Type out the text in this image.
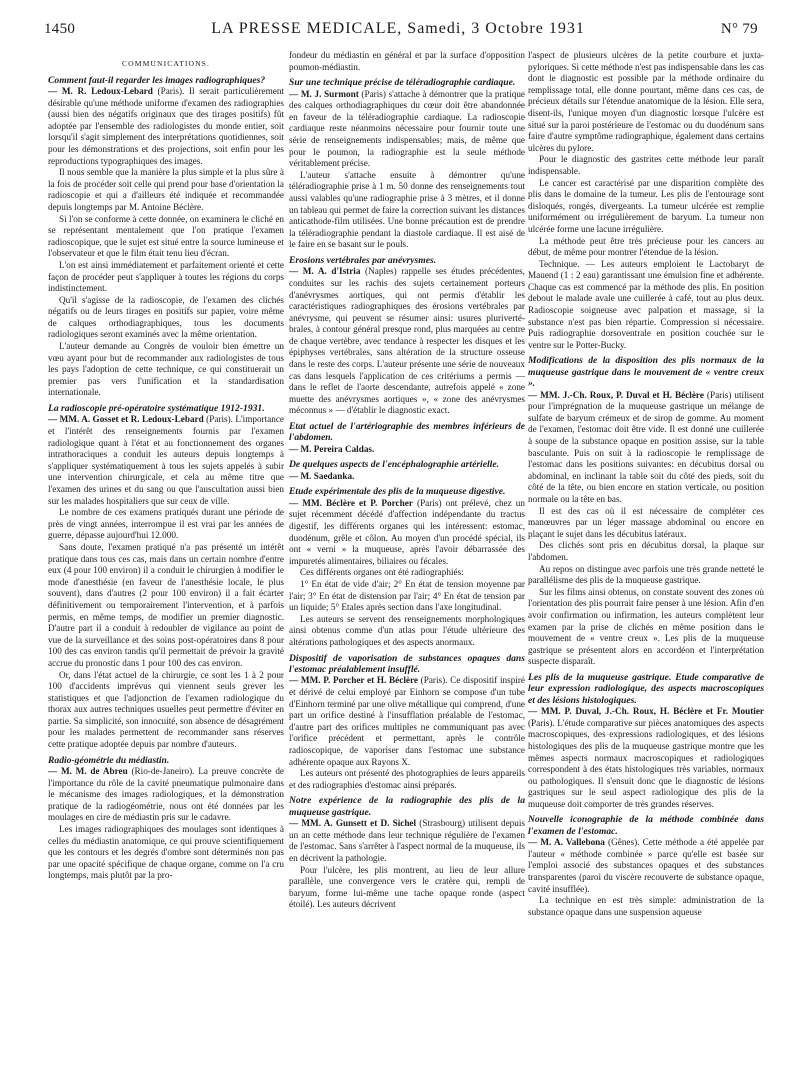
1450	LA PRESSE MEDICALE, Samedi, 3 Octobre 1931	N° 79
COMMUNICATIONS.
Comment faut-il regarder les images radiographiques?

— M. R. Ledoux-Lebard (Paris). Il serait particulièrement désirable qu'une méthode uniforme d'examen des radiographies (aussi bien des négatifs originaux que des tirages positifs) fût adoptée par l'ensemble des radiologistes du monde entier, soit lorsqu'il s'agit simplement des interprétations quotidiennes, soit pour les démonstrations et des projections, soit enfin pour les reproductions typographiques des images.

Il nous semble que la manière la plus simple et la plus sûre à la fois de procéder soit celle qui prend pour base d'orientation la radioscopie et qui a d'ailleurs été indiquée et recommandée depuis longtemps par M. Antoine Béclère.

Si l'on se conforme à cette donnée, on examinera le cliché en se représentant mentalement que l'on pratique l'examen radioscopique, que le sujet est situé entre la source lumineuse et l'observateur et que le film était tenu lieu d'écran.

L'on est ainsi immédiatement et parfaitement orienté et cette façon de procéder peut s'appliquer à toutes les régions du corps indistinctement.

Qu'il s'agisse de la radioscopie, de l'examen des clichés négatifs ou de leurs tirages en positifs sur papier, voire même de calques orthodiagraphiques, tous les documents radiologiques seront examinés avec la même orientation.

L'auteur demande au Congrès de vouloir bien émettre un vœu ayant pour but de recommander aux radiologistes de tous les pays l'adoption de cette technique, ce qui constituerait un premier pas vers l'unification et la standardisation internationale.

La radioscopie pré-opératoire systématique 1912-1931.

— MM. A. Gosset et R. Ledoux-Lebard (Paris). L'importance et l'intérêt des renseignements fournis par l'examen radiologique quant à l'état et au fonctionnement des organes intrathoraciques a conduit les auteurs depuis longtemps à s'appliquer systématiquement à tous les sujets appelés à subir une intervention chirurgicale, et cela au même titre que l'examen des urines et du sang ou que l'auscultation aussi bien sur les malades hospitaliers que sur ceux de ville.

Le nombre de ces examens pratiqués durant une période de près de vingt années, interrompue il est vrai par les années de guerre, dépasse aujourd'hui 12.000.

Sans doute, l'examen pratiqué n'a pas présenté un intérêt pratique dans tous ces cas, mais dans un certain nombre d'entre eux (4 pour 100 environ) il a conduit le chirurgien à modifier le mode d'anesthésie (en faveur de l'anesthésie locale, le plus souvent), dans d'autres (2 pour 100 environ) il a fait écarter définitivement ou temporairement l'intervention, et à parfois permis, en même temps, de modifier un premier diagnostic. D'autre part il a conduit à redoubler de vigilance au point de vue de la surveillance et des soins post-opératoires dans 8 pour 100 des cas environ tandis qu'il permettait de prévoir la gravité accrue du pronostic dans 1 pour 100 des cas environ.

Or, dans l'état actuel de la chirurgie, ce sont les 1 à 2 pour 100 d'accidents imprévus qui viennent seuls grever les statistiques et que l'adjonction de l'examen radiologique du thorax aux autres techniques usuelles peut permettre d'éviter en partie. Sa simplicité, son innocuité, son absence de désagrément pour les malades permettent de recommander sans réserves cette pratique adoptée depuis par nombre d'auteurs.

Radio-géométrie du médiastin.

— M. M. de Abreu (Rio-de-Janeiro). La preuve concrète de l'importance du rôle de la cavité pneumatique pulmonaire dans le mécanisme des images radiologiques, et la démonstration pratique de la radiogéométrie, nous ont été données par les moulages en cire de médiastin pris sur le cadavre.

Les images radiographiques des moulages sont identiques à celles du médiastin anatomique, ce qui prouve scientifiquement que les contours et les degrés d'ombre sont déterminés non pas par une opacité spécifique de chaque organe, comme on l'a cru longtemps, mais plutôt par la pro-

fondeur du médiastin en général et par la surface d'opposition poumon-médiastin.

Sur une technique précise de téléradiographie cardiaque.

— M. J. Surmont (Paris) s'attache à démontrer que la pratique des calques orthodiagraphiques du cœur doit être abandonnée en faveur de la téléradiographie cardiaque. La radioscopie cardiaque reste néanmoins nécessaire pour fournir toute une série de renseignements indispensables; mais, de même que pour le poumon, la radiographie est la seule méthode véritablement précise.

L'auteur s'attache ensuite à démontrer qu'une téléradiographie prise à 1 m. 50 donne des renseignements tout aussi valables qu'une radiographie prise à 3 mètres, et il donne un tableau qui permet de faire la correction suivant les distances anticathode-film utilisées. Une bonne précaution est de prendre la téléradiographie pendant la diastole cardiaque. Il est aisé de le faire en se basant sur le pouls.

Erosions vertébrales par anévrysmes.

— M. A. d'Istria (Naples) rappelle ses études précédentes, conduites sur les rachis des sujets certainement porteurs d'anévrysmes aortiques, qui ont permis d'établir les caractéristiques radiographiques des érosions vertébrales par anévrysme, qui peuvent se résumer ainsi: usures plurivertébrales, à contour général presque rond, plus marquées au centre de chaque vertèbre, avec tendance à respecter les disques et les épiphyses vertébrales, sans altération de la structure osseuse dans le reste des corps. L'auteur présente une série de nouveaux cas dans lesquels l'application de ces critériums a permis — dans le reflet de l'aorte descendante, autrefois appelé « zone muette des anévrysmes aortiques », « zone des anévrysmes méconnus » — d'établir le diagnostic exact.

Etat actuel de l'artériographie des membres inférieurs de l'abdomen.

— M. Pereira Caldas.

De quelques aspects de l'encéphalographie artérielle.

— M. Saedanka.

Etude expérimentale des plis de la muqueuse digestive.

— MM. Béclère et P. Porcher (Paris) ont prélevé, chez un sujet récemment décédé d'affection indépendante du tractus digestif, les différents organes qui les intéressent: estomac, duodénum, grêle et côlon. Au moyen d'un procédé spécial, ils ont « verni » la muqueuse, après l'avoir débarrassée des impuretés alimentaires, biliaires ou fécales.

Ces différents organes ont été radiographiés:

1° En état de vide d'air; 2° En état de tension moyenne par l'air; 3° En état de distension par l'air; 4° En état de tension par un liquide; 5° Etales après section dans l'axe longitudinal.

Les auteurs se servent des renseignements morphologiques ainsi obtenus comme d'un atlas pour l'étude ultérieure des altérations pathologiques et des aspects anormaux.

Dispositif de vaporisation de substances opaques dans l'estomac préalablement insufflé.

— MM. P. Porcher et H. Béclère (Paris). Ce dispositif inspiré et dérivé de celui employé par Einhorn se compose d'un tube d'Einhorn terminé par une olive métallique qui comprend, d'une part un orifice destiné à l'insufflation préalable de l'estomac, d'autre part des orifices multiples ne communiquant pas avec l'orifice précédent et permettant, après le contrôle radioscopique, de vaporiser dans l'estomac une substance adhérente opaque aux Rayons X.

Les auteurs ont présenté des photographies de leurs appareils et des radiographies d'estomac ainsi préparés.

Notre expérience de la radiographie des plis de la muqueuse gastrique.

— MM. A. Gunsett et D. Sichel (Strasbourg) utilisent depuis un an cette méthode dans leur technique régulière de l'examen de l'estomac. Sans s'arrêter à l'aspect normal de la muqueuse, ils en décrivent la pathologie.

Pour l'ulcère, les plis montrent, au lieu de leur allure parallèle, une convergence vers le cratère qui, rempli de baryum, forme lui-même une tache opaque ronde (aspect étoilé). Les auteurs décrivent

l'aspect de plusieurs ulcères de la petite courbure et juxta-pyloriques. Si cette méthode n'est pas indispensable dans les cas dont le diagnostic est possible par la méthode ordinaire du remplissage total, elle donne pourtant, même dans ces cas, de précieux détails sur l'étendue anatomique de la lésion. Elle sera, disent-ils, l'unique moyen d'un diagnostic lorsque l'ulcère est situé sur la paroi postérieure de l'estomac ou du duodénum sans faire d'autre symptôme radiographique, également dans certains ulcères du pylore.

Pour le diagnostic des gastrites cette méthode leur paraît indispensable.

Le cancer est caractérisé par une disparition complète des plis dans le domaine de la tumeur. Les plis de l'entourage sont disloqués, rongés, divergeants. La tumeur ulcérée est remplie uniformément ou irrégulièrement de baryum. La tumeur non ulcérée forme une lacune irrégulière.

La méthode peut être très précieuse pour les cancers au début, de même pour montrer l'étendue de la lésion.

Technique. — Les auteurs emploient le Lactobaryt de Mauend (1 : 2 eau) garantissant une émulsion fine et adhérente. Chaque cas est commencé par la méthode des plis. En position debout le malade avale une cuillerée à café, tout au plus deux. Radioscopie soigneuse avec palpation et massage, si la substance n'est pas bien répartie. Compression si nécessaire. Puis radiographie dorsoventrale en position couchée sur le ventre sur le Potter-Bucky.

Modifications de la disposition des plis normaux de la muqueuse gastrique dans le mouvement de « ventre creux ».

— MM. J.-Ch. Roux, P. Duval et H. Béclère (Paris) utilisent pour l'imprégnation de la muqueuse gastrique un mélange de sulfate de baryum crémeux et de sirop de gomme. Au moment de l'examen, l'estomac doit être vide. Il est donné une cuillerée à soupe de la substance opaque en position assise, sur la table basculante. Puis on suit à la radioscopie le remplissage de l'estomac dans les positions suivantes: en décubitus dorsal ou abdominal, en inclinant la table soit du côté des pieds, soit du côté de la tête, ou bien encore en station verticale, ou position normale ou la tête en bas.

Il est des cas où il est nécessaire de compléter ces manœuvres par un léger massage abdominal ou encore en plaçant le sujet dans les décubitus latéraux.

Des clichés sont pris en décubitus dorsal, la plaque sur l'abdomen.

Au repos on distingue avec parfois une très grande netteté le parallélisme des plis de la muqueuse gastrique.

Sur les films ainsi obtenus, on constate souvent des zones où l'orientation des plis pourrait faire penser à une lésion. Afin d'en avoir confirmation ou infirmation, les auteurs complètent leur examen par la prise de clichés en même position dans le mouvement de « ventre creux ». Les plis de la muqueuse gastrique se présentent alors en accordéon et l'interprétation suspecte disparaît.

Les plis de la muqueuse gastrique. Etude comparative de leur expression radiologique, des aspects macroscopiques et des lésions histologiques.

— MM. P. Duval, J.-Ch. Roux, H. Béclère et Fr. Moutier (Paris). L'étude comparative sur pièces anatomiques des aspects macroscopiques, des expressions radiologiques, et des lésions histologiques des plis de la muqueuse gastrique montre que les mêmes aspects normaux macroscopiques et radiologiques correspondent à des états histologiques très variables, normaux ou pathologiques. Il s'ensuit donc que le diagnostic de lésions gastriques sur le seul aspect radiologique des plis de la muqueuse doit comporter de très grandes réserves.

Nouvelle iconographie de la méthode combinée dans l'examen de l'estomac.

— M. A. Vallebona (Gênes). Cette méthode a été appelée par l'auteur « méthode combinée » parce qu'elle est basée sur l'emploi associé des substances opaques et des substances transparentes (paroi du viscère recouverte de substance opaque, cavité insufflée).

La technique en est très simple: administration de la substance opaque dans une suspension aqueuse
